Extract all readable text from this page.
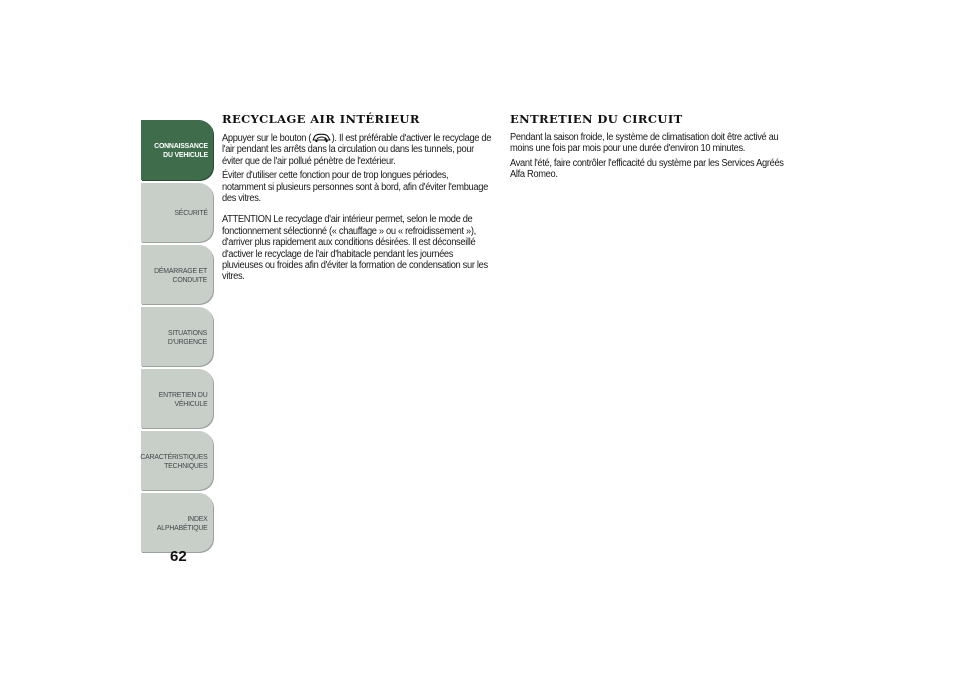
CONNAISSANCE
DU VEHICULE
SÉCURITÉ
DÉMARRAGE ET
CONDUITE
SITUATIONS
D'URGENCE
ENTRETIEN DU
VÉHICULE
CARACTÉRISTIQUES
TECHNIQUES
INDEX
ALPHABÉTIQUE
62
RECYCLAGE AIR INTÉRIEUR

Appuyer sur le bouton ( ). Il est préférable d'activer le recyclage de l'air pendant les arrêts dans la circulation ou dans les tunnels, pour éviter que de l'air pollué pénètre de l'extérieur.

Éviter d'utiliser cette fonction pour de trop longues périodes, notamment si plusieurs personnes sont à bord, afin d'éviter l'embuage des vitres.

ATTENTION Le recyclage d'air intérieur permet, selon le mode de fonctionnement sélectionné (« chauffage » ou « refroidissement »), d'arriver plus rapidement aux conditions désirées. Il est déconseillé d'activer le recyclage de l'air d'habitacle pendant les journées pluvieuses ou froides afin d'éviter la formation de condensation sur les vitres.

ENTRETIEN DU CIRCUIT

Pendant la saison froide, le système de climatisation doit être activé au moins une fois par mois pour une durée d'environ 10 minutes.

Avant l'été, faire contrôler l'efficacité du système par les Services Agréés Alfa Romeo.
